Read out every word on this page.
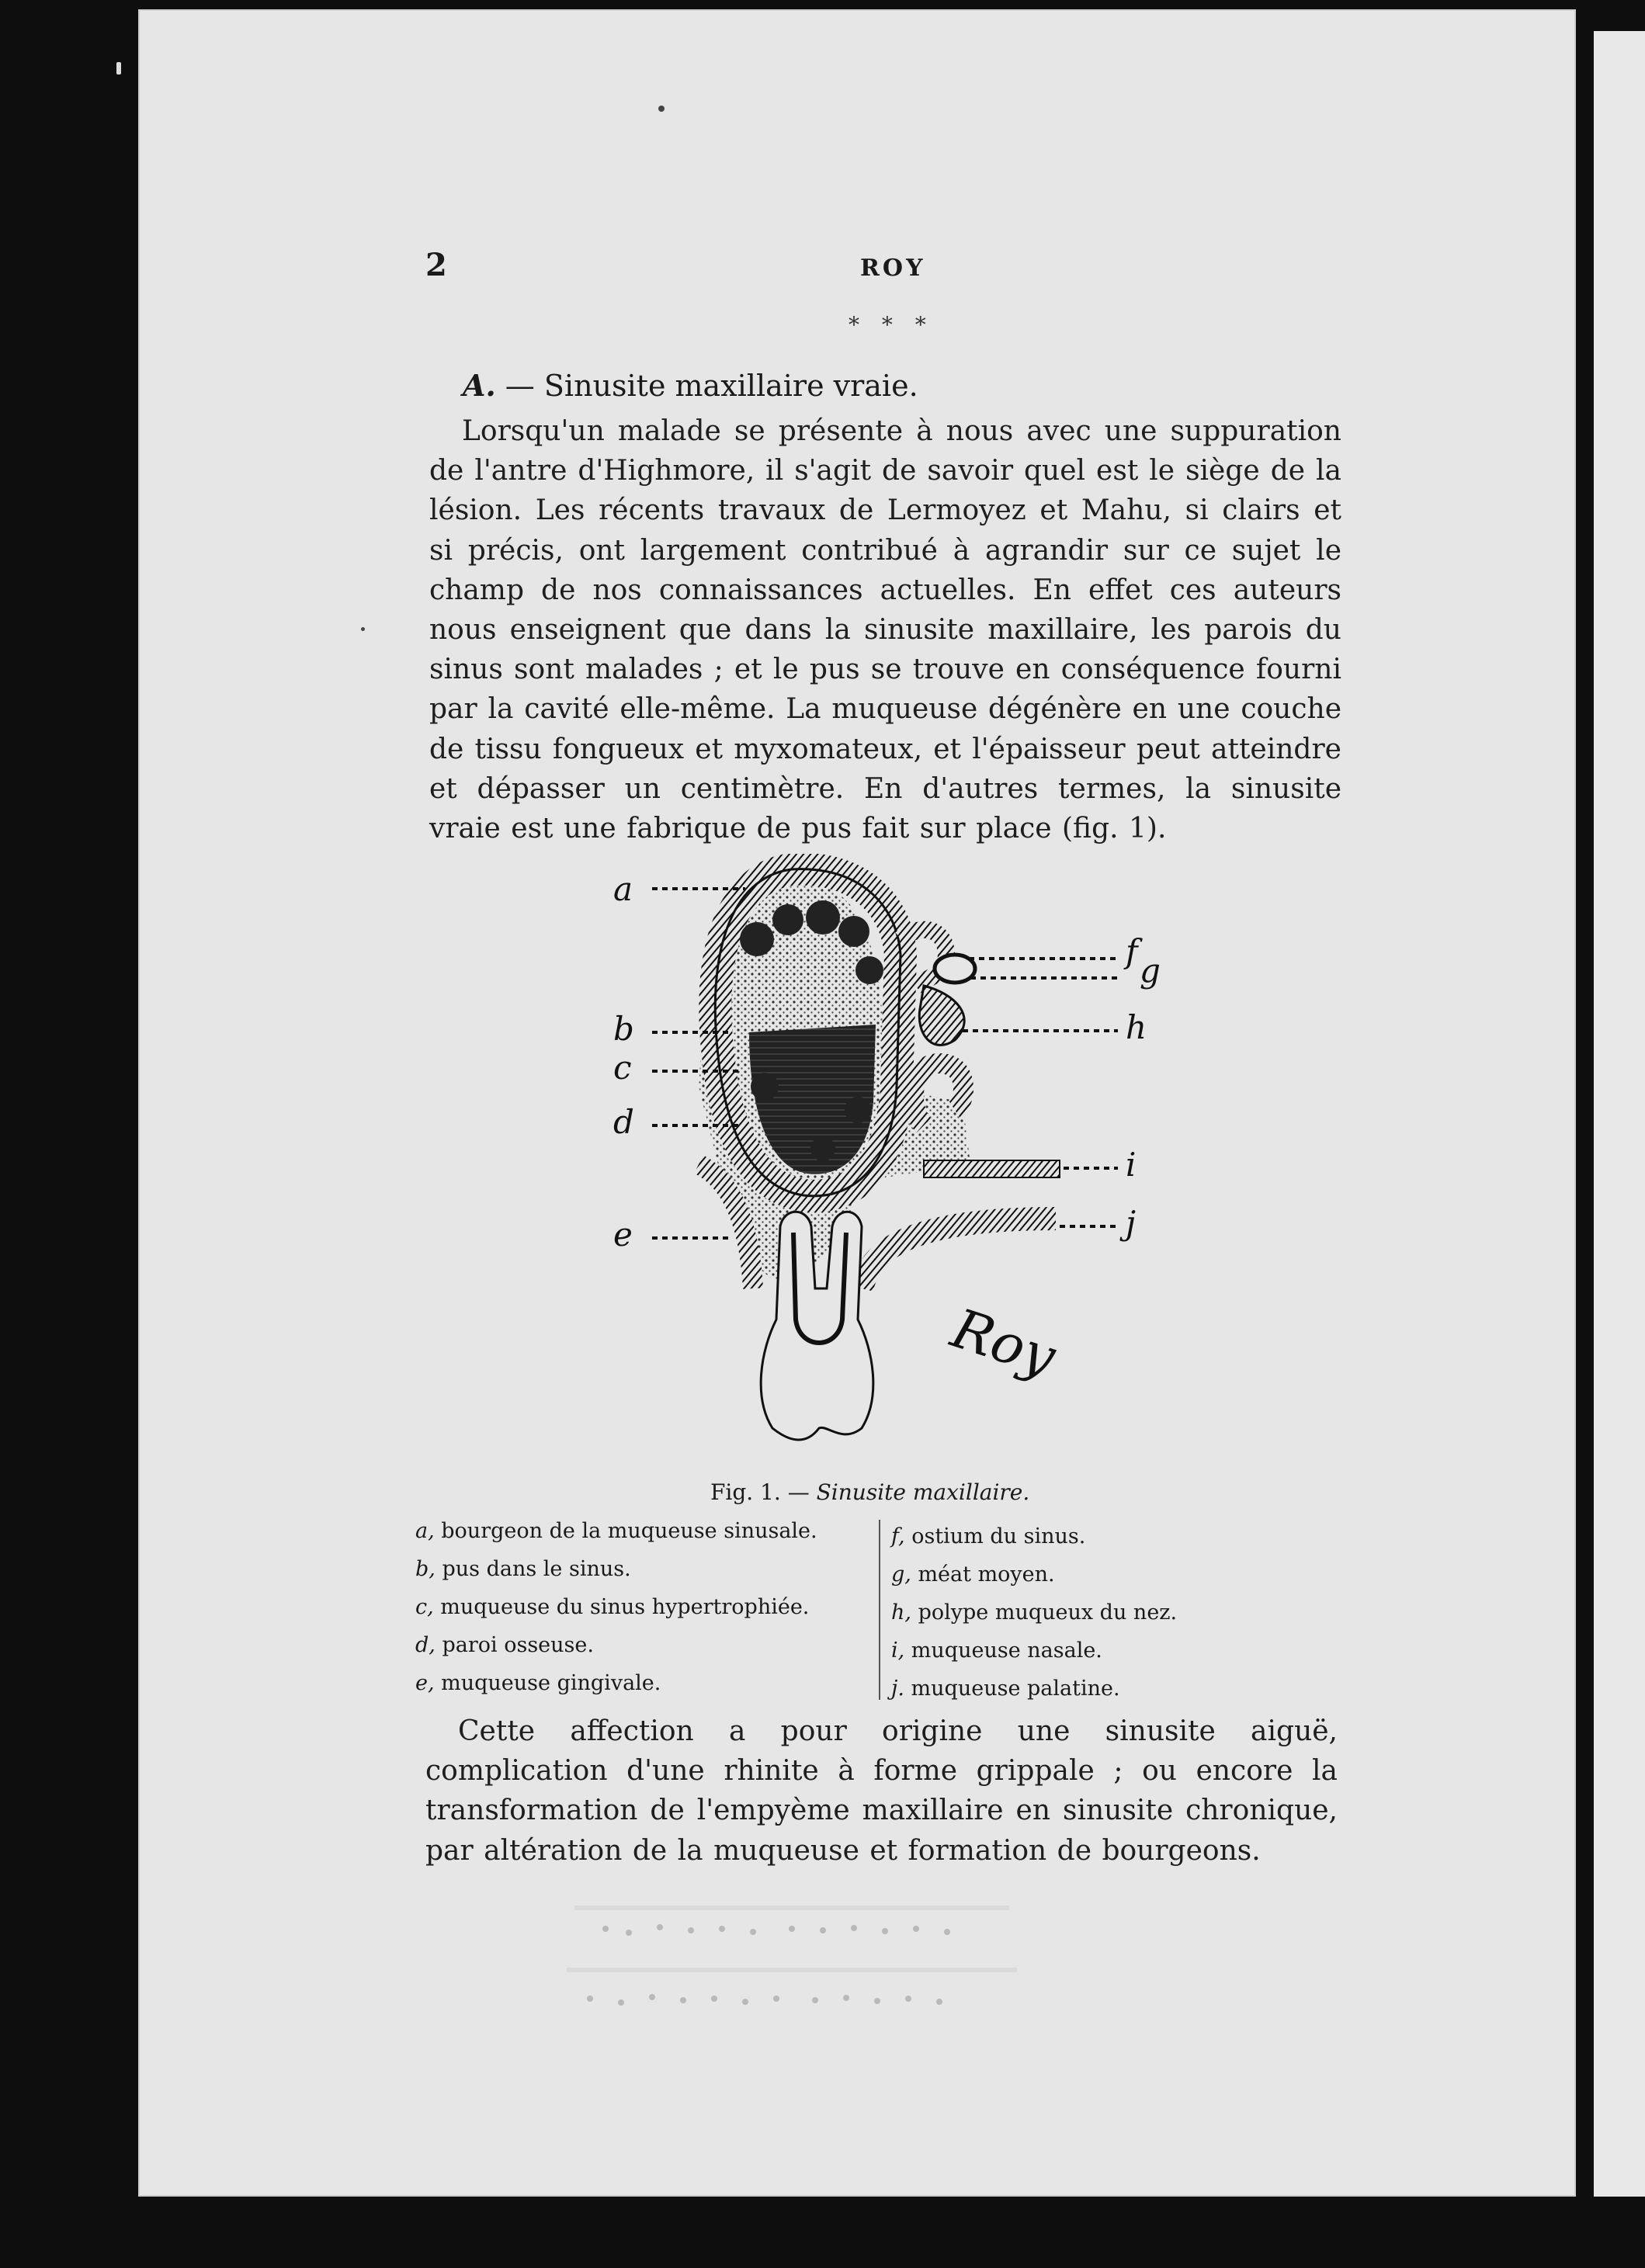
2	ROY
* * *
A. — Sinusite maxillaire vraie.
Lorsqu'un malade se présente à nous avec une suppuration de l'antre d'Highmore, il s'agit de savoir quel est le siège de la lésion. Les récents travaux de Lermoyez et Mahu, si clairs et si précis, ont largement contribué à agrandir sur ce sujet le champ de nos connaissances actuelles. En effet ces auteurs nous enseignent que dans la sinusite maxillaire, les parois du sinus sont malades ; et le pus se trouve en conséquence fourni par la cavité elle-même. La muqueuse dégénère en une couche de tissu fongueux et myxomateux, et l'épaisseur peut atteindre et dépasser un centimètre. En d'autres termes, la sinusite vraie est une fabrique de pus fait sur place (fig. 1).
a
b
c
d
e
f
g
h
i
j
Roy
Fig. 1. — Sinusite maxillaire.
a, bourgeon de la muqueuse sinusale.
b, pus dans le sinus.
c, muqueuse du sinus hypertrophiée.
d, paroi osseuse.
e, muqueuse gingivale.
f, ostium du sinus.
g, méat moyen.
h, polype muqueux du nez.
i, muqueuse nasale.
j. muqueuse palatine.
Cette affection a pour origine une sinusite aiguë, complication d'une rhinite à forme grippale ; ou encore la transformation de l'empyème maxillaire en sinusite chronique, par altération de la muqueuse et formation de bourgeons.
